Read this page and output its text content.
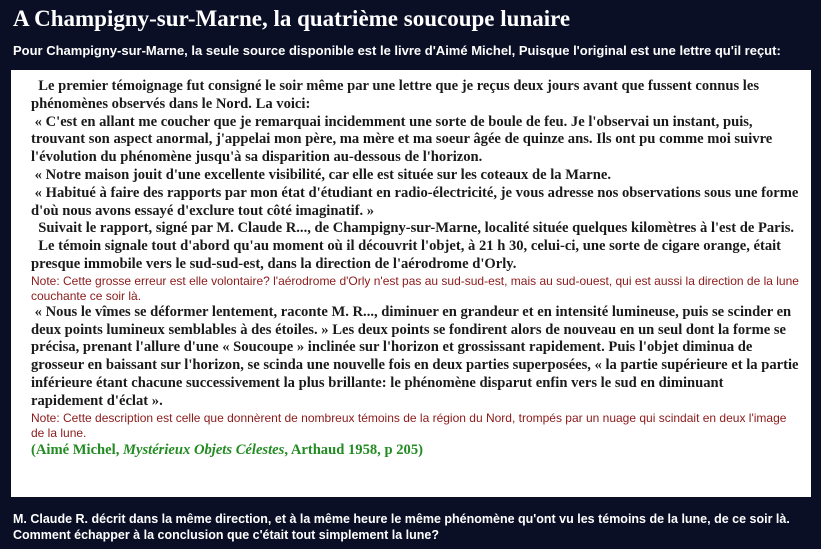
A Champigny-sur-Marne, la quatrième soucoupe lunaire

Pour Champigny-sur-Marne, la seule source disponible est le livre d'Aimé Michel, Puisque l'original est une lettre qu'il reçut:

Le premier témoignage fut consigné le soir même par une lettre que je reçus deux jours avant que fussent connus les phénomènes observés dans le Nord. La voici:

« C'est en allant me coucher que je remarquai incidemment une sorte de boule de feu. Je l'observai un instant, puis, trouvant son aspect anormal, j'appelai mon père, ma mère et ma soeur âgée de quinze ans. Ils ont pu comme moi suivre l'évolution du phénomène jusqu'à sa disparition au-dessous de l'horizon.

« Notre maison jouit d'une excellente visibilité, car elle est située sur les coteaux de la Marne.

« Habitué à faire des rapports par mon état d'étudiant en radio-électricité, je vous adresse nos observations sous une forme d'où nous avons essayé d'exclure tout côté imaginatif. »

Suivait le rapport, signé par M. Claude R..., de Champigny-sur-Marne, localité située quelques kilomètres à l'est de Paris.

Le témoin signale tout d'abord qu'au moment où il découvrit l'objet, à 21 h 30, celui-ci, une sorte de cigare orange, était presque immobile vers le sud-sud-est, dans la direction de l'aérodrome d'Orly.

Note: Cette grosse erreur est elle volontaire? l'aérodrome d'Orly n'est pas au sud-sud-est, mais au sud-ouest, qui est aussi la direction de la lune couchante ce soir là.

« Nous le vîmes se déformer lentement, raconte M. R..., diminuer en grandeur et en intensité lumineuse, puis se scinder en deux points lumineux semblables à des étoiles. » Les deux points se fondirent alors de nouveau en un seul dont la forme se précisa, prenant l'allure d'une « Soucoupe » inclinée sur l'horizon et grossissant rapidement. Puis l'objet diminua de grosseur en baissant sur l'horizon, se scinda une nouvelle fois en deux parties superposées, « la partie supérieure et la partie inférieure étant chacune successivement la plus brillante: le phénomène disparut enfin vers le sud en diminuant rapidement d'éclat ».

Note: Cette description est celle que donnèrent de nombreux témoins de la région du Nord, trompés par un nuage qui scindait en deux l'image de la lune.

(Aimé Michel, Mystérieux Objets Célestes, Arthaud 1958, p 205)

M. Claude R. décrit dans la même direction, et à la même heure le même phénomène qu'ont vu les témoins de la lune, de ce soir là. Comment échapper à la conclusion que c'était tout simplement la lune?
